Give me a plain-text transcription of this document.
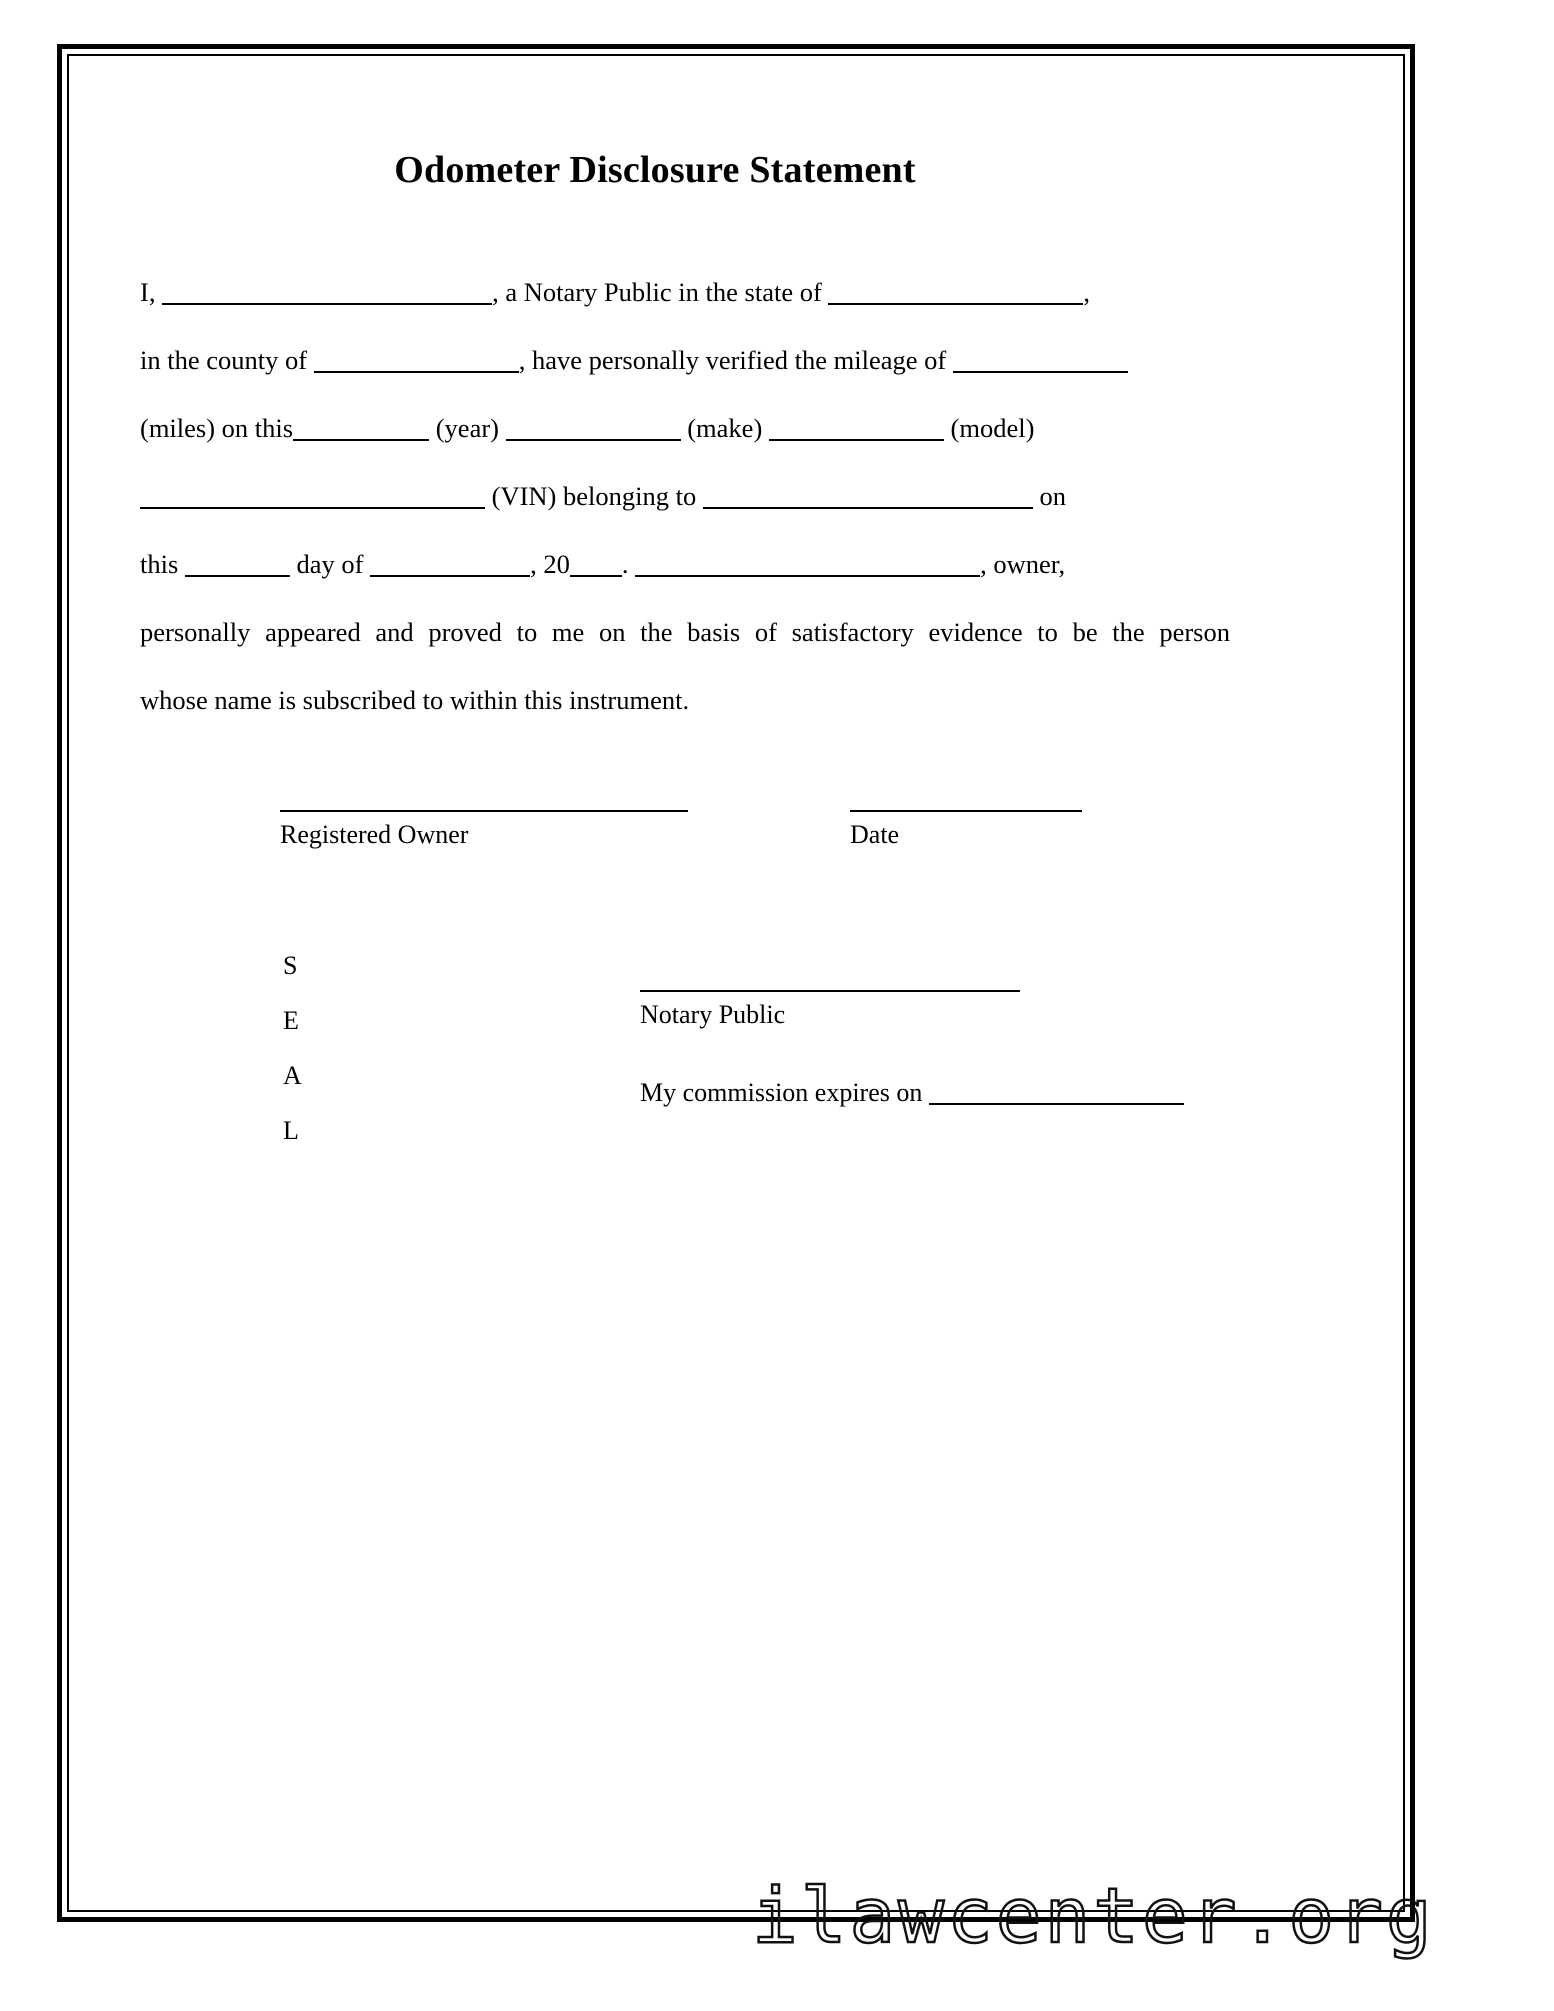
Odometer Disclosure Statement
I,	, a Notary Public in the state of	,
in the county of	, have personally verified the mileage of
(miles) on this	(year)	(make)	(model)
(VIN) belonging to	on
this	day of	, 20 .	, owner,
personally appeared and proved to me on the basis of satisfactory evidence to be the person
whose name is subscribed to within this instrument.
Registered Owner	Date
S
E
A
L
Notary Public
My commission expires on
ilawcenter.org
